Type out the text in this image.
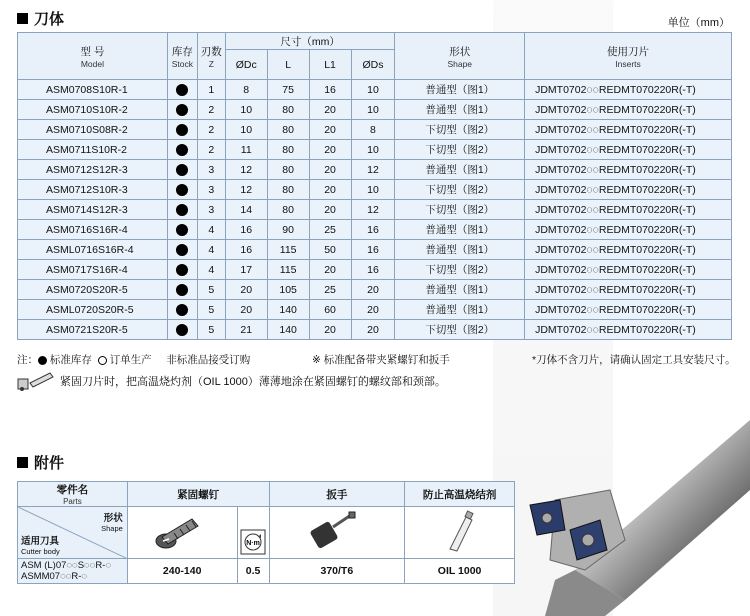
刀体	单位（mm）
型 号
Model	库存
Stock	刃数
Z	尺寸（mm）				形状
Shape	使用刀片
Inserts

			ØDc	L	L1	ØDs		
ASM0708S10R-1		1	8	75	16	10	普通型（图1）	JDMT0702◌◌REDMT070220R(-T)
ASM0710S10R-2		2	10	80	20	10	普通型（图1）	JDMT0702◌◌REDMT070220R(-T)
ASM0710S08R-2		2	10	80	20	8	下切型（图2）	JDMT0702◌◌REDMT070220R(-T)
ASM0711S10R-2		2	11	80	20	10	下切型（图2）	JDMT0702◌◌REDMT070220R(-T)
ASM0712S12R-3		3	12	80	20	12	普通型（图1）	JDMT0702◌◌REDMT070220R(-T)
ASM0712S10R-3		3	12	80	20	10	下切型（图2）	JDMT0702◌◌REDMT070220R(-T)
ASM0714S12R-3		3	14	80	20	12	下切型（图2）	JDMT0702◌◌REDMT070220R(-T)
ASM0716S16R-4		4	16	90	25	16	普通型（图1）	JDMT0702◌◌REDMT070220R(-T)
ASML0716S16R-4		4	16	115	50	16	普通型（图1）	JDMT0702◌◌REDMT070220R(-T)
ASM0717S16R-4		4	17	115	20	16	下切型（图2）	JDMT0702◌◌REDMT070220R(-T)
ASM0720S20R-5		5	20	105	25	20	普通型（图1）	JDMT0702◌◌REDMT070220R(-T)
ASML0720S20R-5		5	20	140	60	20	普通型（图1）	JDMT0702◌◌REDMT070220R(-T)
ASM0721S20R-5		5	21	140	20	20	下切型（图2）	JDMT0702◌◌REDMT070220R(-T)
注： 标准库存 订单生产 非标准品接受订购	※ 标准配备带夹紧螺钉和扳手	*刀体不含刀片，请确认固定工具安装尺寸。
紧固刀片时，把高温烧灼剂（OIL 1000）薄薄地涂在紧固螺钉的螺纹部和颈部。
附件
零件名
Parts	紧固螺钉		扳手	防止高温烧结剂

形状
Shape
适用刀具
Cutter body		N·m

ASM (L)07◌◌S◌◌R-◌
ASMM07◌◌R-◌	240-140	0.5	370/T6	OIL 1000
